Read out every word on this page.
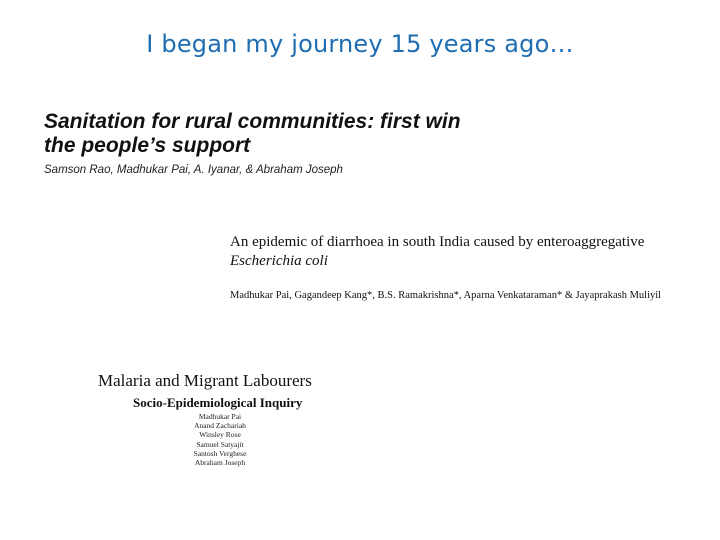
I began my journey 15 years ago…
Sanitation for rural communities: first win
the people’s support
Samson Rao, Madhukar Pai, A. Iyanar, & Abraham Joseph
An epidemic of diarrhoea in south India caused by enteroaggregative
Escherichia coli
Madhukar Pai, Gagandeep Kang*, B.S. Ramakrishna*, Aparna Venkataraman* & Jayaprakash Muliyil
Malaria and Migrant Labourers
Socio-Epidemiological Inquiry
Madhukar Pai
Anand Zachariah
Winsley Rose
Samuel Satyajit
Santosh Verghese
Abraham Joseph
